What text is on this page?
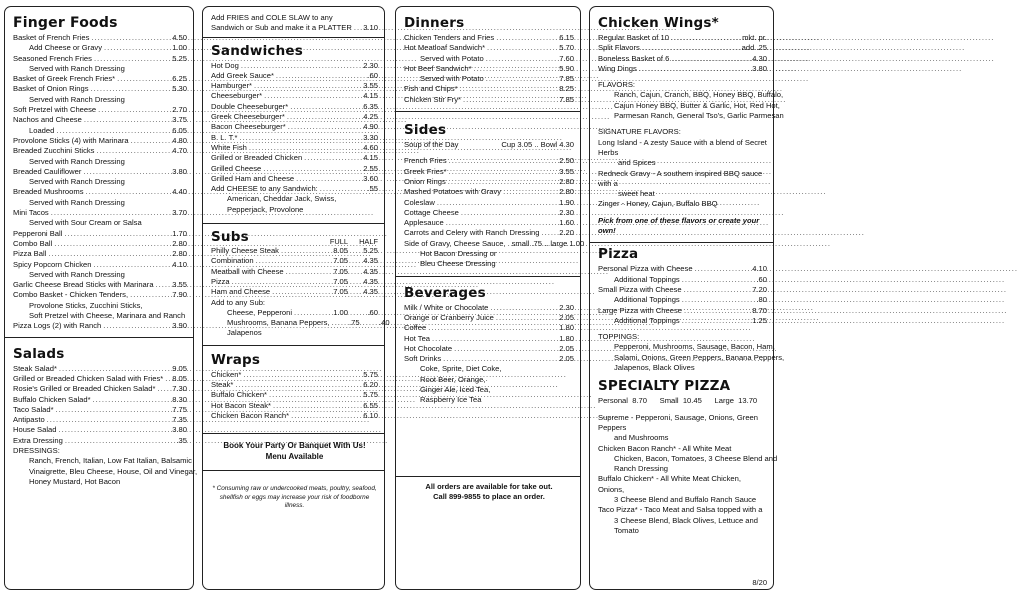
Finger Foods
Basket of French Fries .....	4.50
Add Cheese or Gravy .....	1.00
Seasoned French Fries .....	5.25
Served with Ranch Dressing
Basket of Greek French Fries* .....	6.25
Basket of Onion Rings .....	5.30
Served with Ranch Dressing
Soft Pretzel with Cheese .....	2.70
Nachos and Cheese .....	3.75
Loaded .....	6.05
Provolone Sticks (4) with Marinara .....	4.80
Breaded Zucchini Sticks .....	4.70
Served with Ranch Dressing
Breaded Cauliflower .....	3.80
Served with Ranch Dressing
Breaded Mushrooms .....	4.40
Served with Ranch Dressing
Mini Tacos .....	3.70
Served with Sour Cream or Salsa
Pepperoni Ball .....	1.70
Combo Ball .....	2.80
Pizza Ball .....	2.80
Spicy Popcorn Chicken .....	4.10
Served with Ranch Dressing
Garlic Cheese Bread Sticks with Marinara ..... 3.55
Combo Basket - Chicken Tenders, .....	7.90
Provolone Sticks, Zucchini Sticks,
Soft Pretzel with Cheese, Marinara and Ranch
Pizza Logs (2) with Ranch .....	3.90
Salads
Steak Salad* .....	9.05
Grilled or Breaded Chicken Salad with Fries* ..... 8.05
Rosie's Grilled or Breaded Chicken Salad* ..... 7.30
Buffalo Chicken Salad* .....	8.30
Taco Salad* .....	7.75
Antipasto .....	7.35
House Salad .....	3.80
Extra Dressing .....	.35
DRESSINGS:
Ranch, French, Italian, Low Fat Italian, Balsamic
Vinaigrette, Bleu Cheese, House, Oil and Vinegar,
Honey Mustard, Hot Bacon
Add FRIES and COLE SLAW to any
Sandwich or Sub and make it a PLATTER ..... 3.10
Sandwiches
Hot Dog .....	2.30
Add Greek Sauce* .....	.60
Hamburger* .....	3.55
Cheeseburger* .....	4.15
Double Cheeseburger* .....	6.35
Greek Cheeseburger* .....	4.25
Bacon Cheeseburger* .....	4.90
B. L. T.* .....	3.30
White Fish .....	4.60
Grilled or Breaded Chicken .....	4.15
Grilled Cheese .....	2.55
Grilled Ham and Cheese .....	3.60
Add CHEESE to any Sandwich: .....	.55
American, Cheddar Jack, Swiss,
Pepperjack, Provolone
Subs	FULL	HALF
Philly Cheese Steak .....	8.05	5.25
Combination .....	7.05	4.35
Meatball with Cheese .....	7.05	4.35
Pizza .....	7.05	4.35
Ham and Cheese .....	7.05	4.35
Add to any Sub:
Cheese, Pepperoni .....	1.00	.60
Mushrooms, Banana Peppers, .....	.75	.40
Jalapenos
Wraps
Chicken* .....	5.75
Steak* .....	6.20
Buffalo Chicken* .....	5.75
Hot Bacon Steak* .....	6.55
Chicken Bacon Ranch* .....	6.10
Book Your Party Or Banquet With Us!
Menu Available
* Consuming raw or undercooked meats, poultry, seafood,
shellfish or eggs may increase your risk of foodborne illness.
Dinners
Chicken Tenders and Fries .....	6.15
Hot Meatloaf Sandwich* .....	5.70
Served with Potato .....	7.60
Hot Beef Sandwich* .....	5.90
Served with Potato .....	7.85
Fish and Chips* .....	8.25
Chicken Stir Fry* .....	7.85
Sides
Soup of the Day	Cup 3.05 .. Bowl 4.30
French Fries .....	2.50
Greek Fries* .....	3.55
Onion Rings .....	2.80
Mashed Potatoes with Gravy .....	2.80
Coleslaw .....	1.90
Cottage Cheese .....	2.30
Applesauce .....	1.60
Carrots and Celery with Ranch Dressing .....	2.20
Side of Gravy, Cheese Sauce, ..... small .75 .. large 1.00
Hot Bacon Dressing or
Bleu Cheese Dressing
Beverages
Milk / White or Chocolate .....	2.30
Orange or Cranberry Juice .....	2.05
Coffee .....	1.80
Hot Tea .....	1.80
Hot Chocolate .....	2.05
Soft Drinks .....	2.05
Coke, Sprite, Diet Coke,
Root Beer, Orange,
Ginger Ale, Iced Tea,
Raspberry Ice Tea
All orders are available for take out.
Call 899-9855 to place an order.
Chicken Wings*
Regular Basket of 10 .....	mkt. pr.
Split Flavors .....	add .25
Boneless Basket of 6 .....	4.30
Wing Dings .....	3.80
FLAVORS:
Ranch, Cajun, Cranch, BBQ, Honey BBQ, Buffalo,
Cajun Honey BBQ, Butter & Garlic, Hot, Red Hot,
Parmesan Ranch, General Tso's, Garlic Parmesan
SIGNATURE FLAVORS:
Long Island - A zesty Sauce with a blend of Secret Herbs
and Spices
Redneck Gravy - A southern inspired BBQ sauce with a
sweet heat
Zinger - Honey, Cajun, Buffalo BBQ
Pick from one of these flavors or create your own!
Pizza
Personal Pizza with Cheese .....	4.10
Additional Toppings .....	.60
Small Pizza with Cheese .....	7.20
Additional Toppings .....	.80
Large Pizza with Cheese .....	8.70
Additional Toppings .....	1.25
TOPPINGS:
Pepperoni, Mushrooms, Sausage, Bacon, Ham,
Salami, Onions, Green Peppers, Banana Peppers,
Jalapenos, Black Olives
SPECIALTY PIZZA
Personal  8.70      Small  10.45      Large  13.70
Supreme - Pepperoni, Sausage, Onions, Green Peppers
and Mushrooms
Chicken Bacon Ranch* - All White Meat
Chicken, Bacon, Tomatoes, 3 Cheese Blend and
Ranch Dressing
Buffalo Chicken* - All White Meat Chicken, Onions,
3 Cheese Blend and Buffalo Ranch Sauce
Taco Pizza* - Taco Meat and Salsa topped with a
3 Cheese Blend, Black Olives, Lettuce and
Tomato
8/20
